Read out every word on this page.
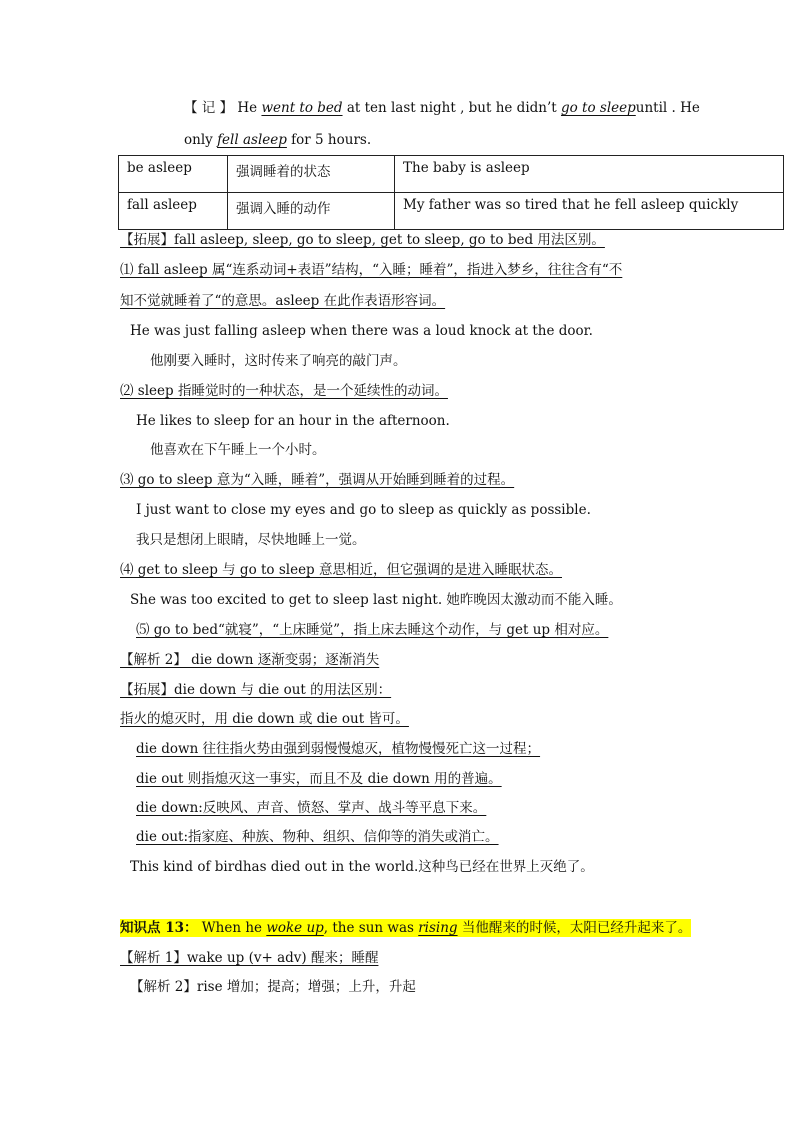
【 记 】 He went to bed at ten last night , but he didn’t go to sleepuntil . He
only fell asleep for 5 hours.
be asleep	强调睡着的状态	The baby is asleep
fall asleep	强调入睡的动作	My father was so tired that he fell asleep quickly
【拓展】fall asleep, sleep, go to sleep, get to sleep, go to bed 用法区别。
⑴ fall asleep 属“连系动词+表语”结构，“入睡；睡着”，指进入梦乡，往往含有“不
知不觉就睡着了“的意思。asleep 在此作表语形容词。
He was just falling asleep when there was a loud knock at the door.
他刚要入睡时，这时传来了响亮的敲门声。
⑵ sleep 指睡觉时的一种状态，是一个延续性的动词。
He likes to sleep for an hour in the afternoon.
他喜欢在下午睡上一个小时。
⑶ go to sleep 意为“入睡，睡着”，强调从开始睡到睡着的过程。
I just want to close my eyes and go to sleep as quickly as possible.
我只是想闭上眼睛，尽快地睡上一觉。
⑷ get to sleep 与 go to sleep 意思相近，但它强调的是进入睡眠状态。
She was too excited to get to sleep last night. 她昨晚因太激动而不能入睡。
⑸ go to bed“就寝”，“上床睡觉”，指上床去睡这个动作，与 get up 相对应。
【解析 2】 die down 逐渐变弱；逐渐消失
【拓展】die down 与 die out 的用法区别：
指火的熄灭时，用 die down 或 die out 皆可。
die down 往往指火势由强到弱慢慢熄灭，植物慢慢死亡这一过程；
die out 则指熄灭这一事实，而且不及 die down 用的普遍。
die down:反映风、声音、愤怒、掌声、战斗等平息下来。
die out:指家庭、种族、物种、组织、信仰等的消失或消亡。
This kind of birdhas died out in the world.这种鸟已经在世界上灭绝了。
知识点 13： When he woke up, the sun was rising 当他醒来的时候，太阳已经升起来了。
【解析 1】wake up (v+ adv) 醒来；睡醒
【解析 2】rise 增加；提高；增强；上升，升起
